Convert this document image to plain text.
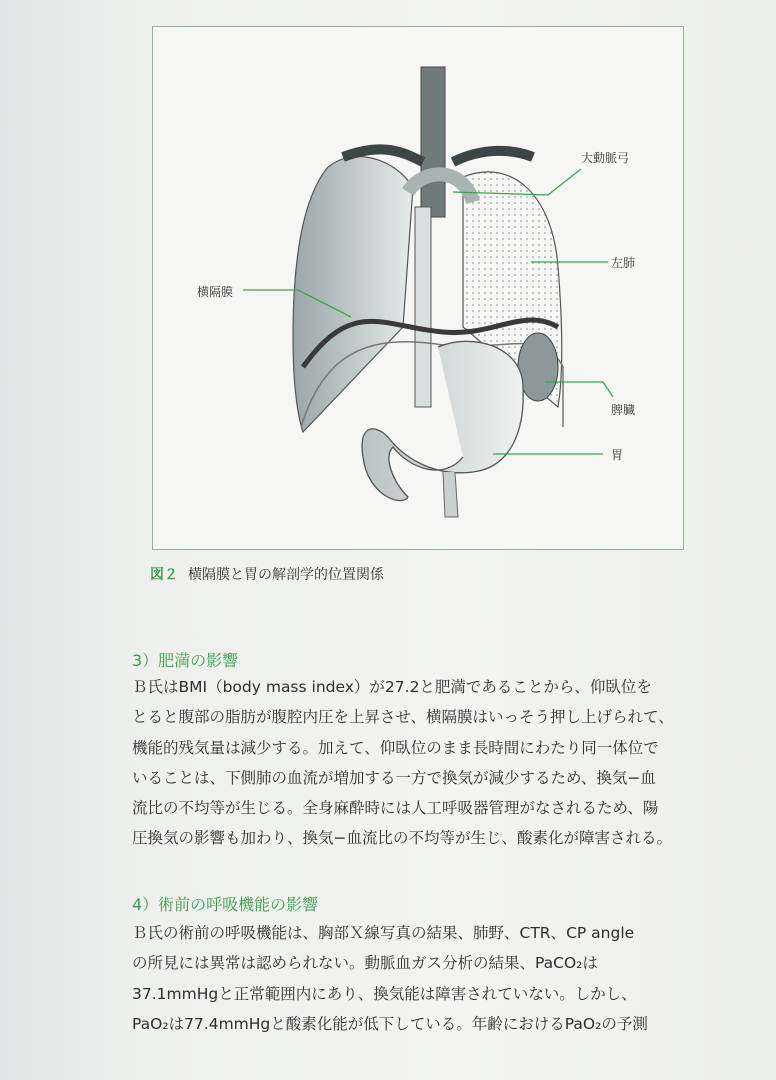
大動脈弓
左肺
横隔膜
脾臓
胃
図２ 横隔膜と胃の解剖学的位置関係
3）肥満の影響
Ｂ氏はBMI（body mass index）が27.2と肥満であることから、仰臥位を
とると腹部の脂肪が腹腔内圧を上昇させ、横隔膜はいっそう押し上げられて、
機能的残気量は減少する。加えて、仰臥位のまま長時間にわたり同一体位で
いることは、下側肺の血流が増加する一方で換気が減少するため、換気−血
流比の不均等が生じる。全身麻酔時には人工呼吸器管理がなされるため、陽
圧換気の影響も加わり、換気−血流比の不均等が生じ、酸素化が障害される。
4）術前の呼吸機能の影響
Ｂ氏の術前の呼吸機能は、胸部Ｘ線写真の結果、肺野、CTR、CP angle
の所見には異常は認められない。動脈血ガス分析の結果、PaCO₂は
37.1mmHgと正常範囲内にあり、換気能は障害されていない。しかし、
PaO₂は77.4mmHgと酸素化能が低下している。年齢におけるPaO₂の予測
